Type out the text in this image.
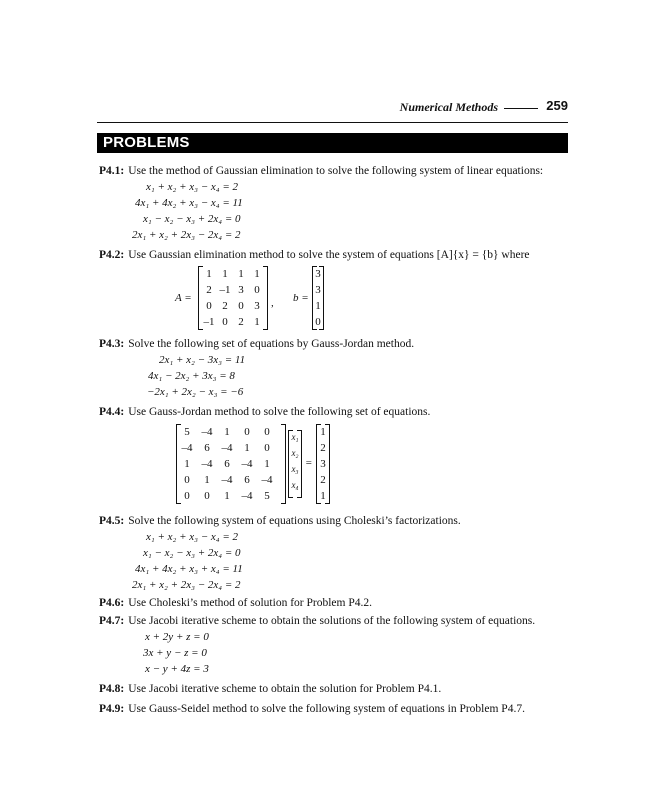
Numerical Methods	259
PROBLEMS
P4.1: Use the method of Gaussian elimination to solve the following system of linear equations:
x₁ + x₂ + x₃ − x₄ = 2
4x₁ + 4x₂ + x₃ − x₄ = 11
x₁ − x₂ − x₃ + 2x₄ = 0
2x₁ + x₂ + 2x₃ − 2x₄ = 2
P4.2: Use Gaussian elimination method to solve the system of equations [A]{x} = {b} where
A =
1 1 1 1
2 –1 3 0
0 2 0 3
–1 0 2 1
, b =
3
3
1
0
P4.3: Solve the following set of equations by Gauss-Jordan method.
2x₁ + x₂ − 3x₃ = 11
4x₁ − 2x₂ + 3x₃ = 8
−2x₁ + 2x₂ − x₃ = −6
P4.4: Use Gauss-Jordan method to solve the following set of equations.
5	–4	1	0	0
–4	6	–4	1	0
1	–4	6	–4	1
0	1	–4	6	–4
0	0	1	–4	5
x₁
x₂
x₃
x₄
=
1
2
3
2
1
P4.5: Solve the following system of equations using Choleski’s factorizations.
x₁ + x₂ + x₃ − x₄ = 2
x₁ − x₂ − x₃ + 2x₄ = 0
4x₁ + 4x₂ + x₃ + x₄ = 11
2x₁ + x₂ + 2x₃ − 2x₄ = 2
P4.6: Use Choleski’s method of solution for Problem P4.2.
P4.7: Use Jacobi iterative scheme to obtain the solutions of the following system of equations.
x + 2y + z = 0
3x + y − z = 0
x − y + 4z = 3
P4.8: Use Jacobi iterative scheme to obtain the solution for Problem P4.1.
P4.9: Use Gauss-Seidel method to solve the following system of equations in Problem P4.7.
